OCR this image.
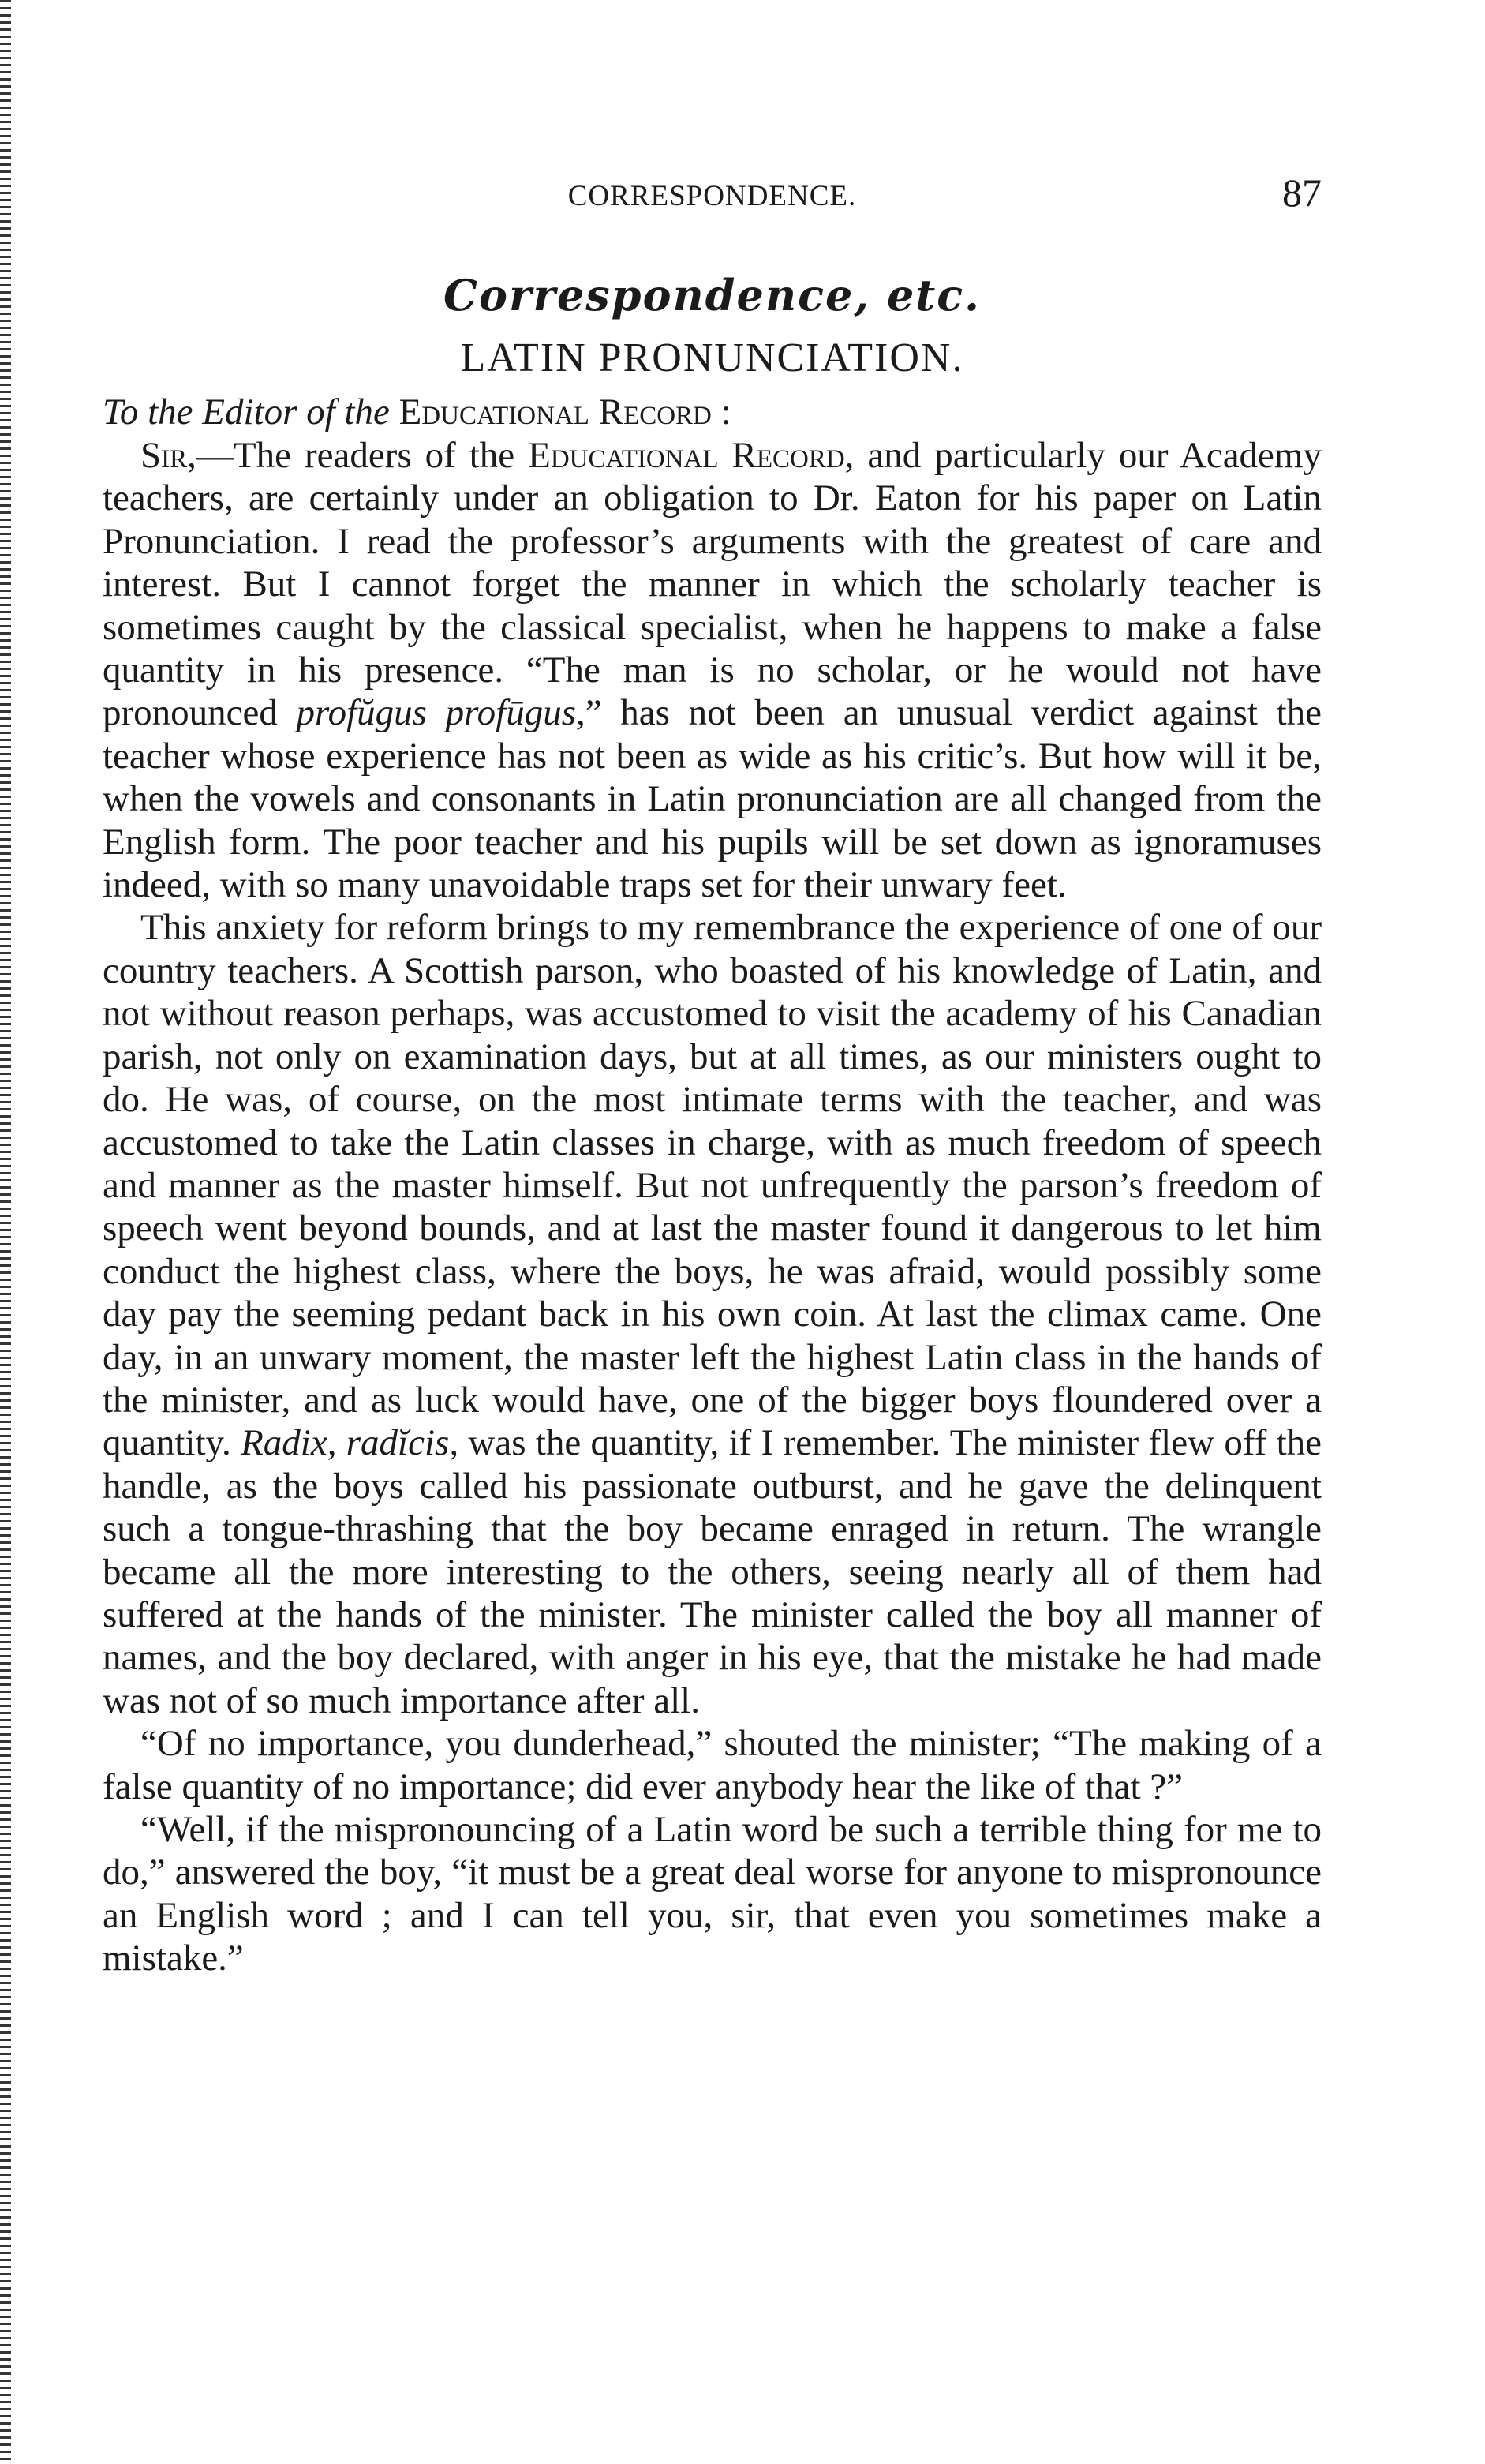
CORRESPONDENCE.	87
Correspondence, etc.
LATIN PRONUNCIATION.
To the Editor of the Educational Record :

Sir,—The readers of the Educational Record, and particularly our Academy teachers, are certainly under an obligation to Dr. Eaton for his paper on Latin Pronunciation. I read the professor’s arguments with the greatest of care and interest. But I cannot forget the manner in which the scholarly teacher is sometimes caught by the classical specialist, when he happens to make a false quantity in his presence. “The man is no scholar, or he would not have pronounced profŭgus profūgus,” has not been an unusual verdict against the teacher whose experience has not been as wide as his critic’s. But how will it be, when the vowels and consonants in Latin pronunciation are all changed from the English form. The poor teacher and his pupils will be set down as ignoramuses indeed, with so many unavoidable traps set for their unwary feet.

This anxiety for reform brings to my remembrance the experience of one of our country teachers. A Scottish parson, who boasted of his knowledge of Latin, and not without reason perhaps, was accustomed to visit the academy of his Canadian parish, not only on examination days, but at all times, as our ministers ought to do. He was, of course, on the most intimate terms with the teacher, and was accustomed to take the Latin classes in charge, with as much freedom of speech and manner as the master himself. But not unfrequently the parson’s freedom of speech went beyond bounds, and at last the master found it dangerous to let him conduct the highest class, where the boys, he was afraid, would possibly some day pay the seeming pedant back in his own coin. At last the climax came. One day, in an unwary moment, the master left the highest Latin class in the hands of the minister, and as luck would have, one of the bigger boys floundered over a quantity. Radix, radĭcis, was the quantity, if I remember. The minister flew off the handle, as the boys called his passionate outburst, and he gave the delinquent such a tongue-thrashing that the boy became enraged in return. The wrangle became all the more interesting to the others, seeing nearly all of them had suffered at the hands of the minister. The minister called the boy all manner of names, and the boy declared, with anger in his eye, that the mistake he had made was not of so much importance after all.

“Of no importance, you dunderhead,” shouted the minister; “The making of a false quantity of no importance; did ever anybody hear the like of that ?”

“Well, if the mispronouncing of a Latin word be such a terrible thing for me to do,” answered the boy, “it must be a great deal worse for anyone to mispronounce an English word ; and I can tell you, sir, that even you sometimes make a mistake.”
